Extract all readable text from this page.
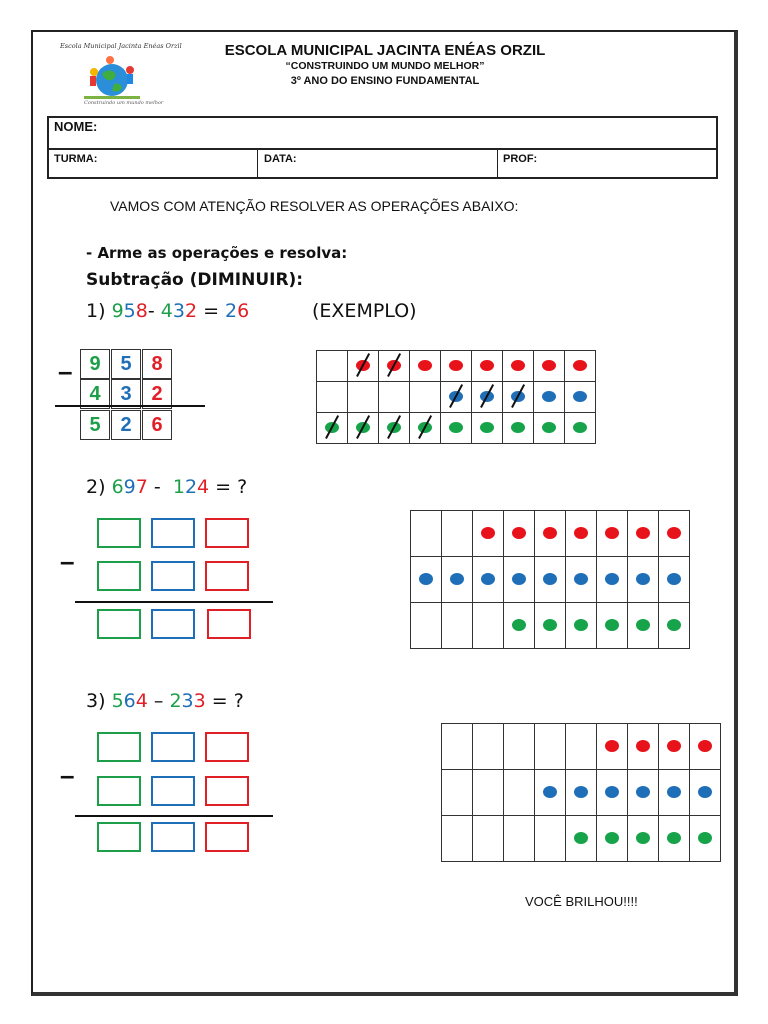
Escola Municipal Jacinta Enéas Orzil
Construindo um mundo melhor
ESCOLA MUNICIPAL JACINTA ENÉAS ORZIL
“CONSTRUINDO UM MUNDO MELHOR”
3º ANO DO ENSINO FUNDAMENTAL
NOME:
TURMA:	DATA:	PROF:
VAMOS COM ATENÇÃO RESOLVER AS OPERAÇÕES ABAIXO:
- Arme as operações e resolva:
Subtração (DIMINUIR):
1) 958- 432 = 26	(EXEMPLO)
– 9 5 8
4 3 2
5 2 6
2) 697 - 124 = ?
–
3) 564 – 233 = ?
–
VOCÊ BRILHOU!!!!
